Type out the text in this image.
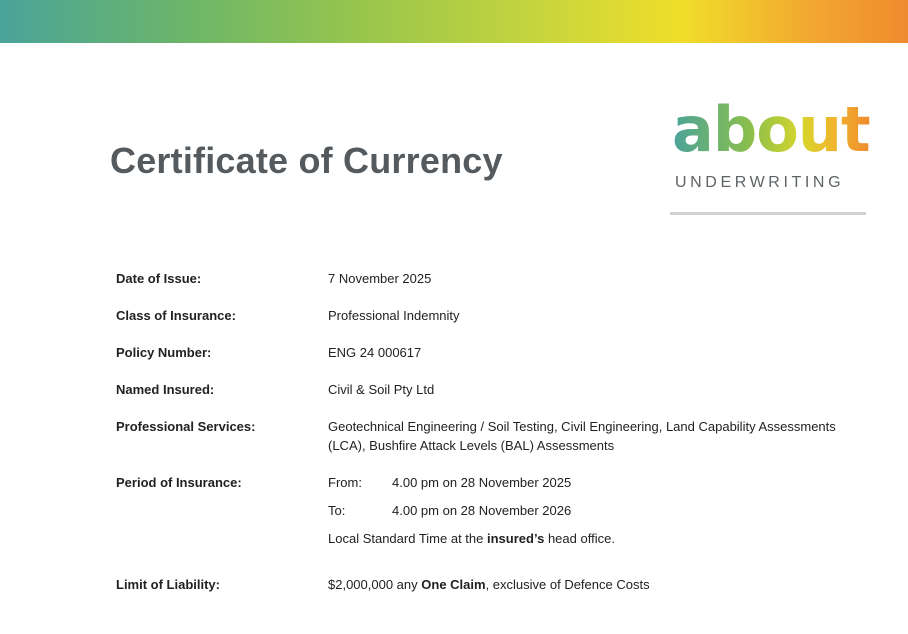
Certificate of Currency	about
UNDERWRITING
Date of Issue:	7 November 2025
Class of Insurance:	Professional Indemnity
Policy Number:	ENG 24 000617
Named Insured:	Civil & Soil Pty Ltd
Professional Services:	Geotechnical Engineering / Soil Testing, Civil Engineering, Land Capability Assessments (LCA), Bushfire Attack Levels (BAL) Assessments
Period of Insurance:	From:	4.00 pm on 28 November 2025
To:	4.00 pm on 28 November 2026
Local Standard Time at the insured’s head office.
Limit of Liability:	$2,000,000 any One Claim, exclusive of Defence Costs
